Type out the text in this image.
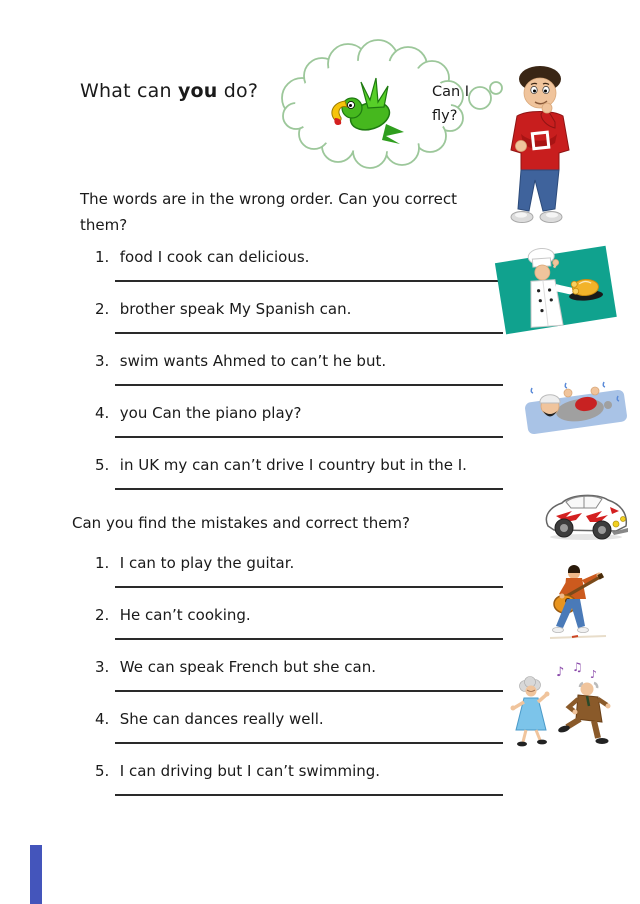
What can you do?	Can I
fly?
The words are in the wrong order. Can you correct them?
1. food I cook can delicious.
2. brother speak My Spanish can.
3. swim wants Ahmed to can’t he but.
4. you Can the piano play?
5. in UK my can can’t drive I country but in the I.
Can you find the mistakes and correct them?
1. I can to play the guitar.
2. He can’t cooking.
3. We can speak French but she can.
4. She can dances really well.
5. I can driving but I can’t swimming.
♪ ♫
♪
